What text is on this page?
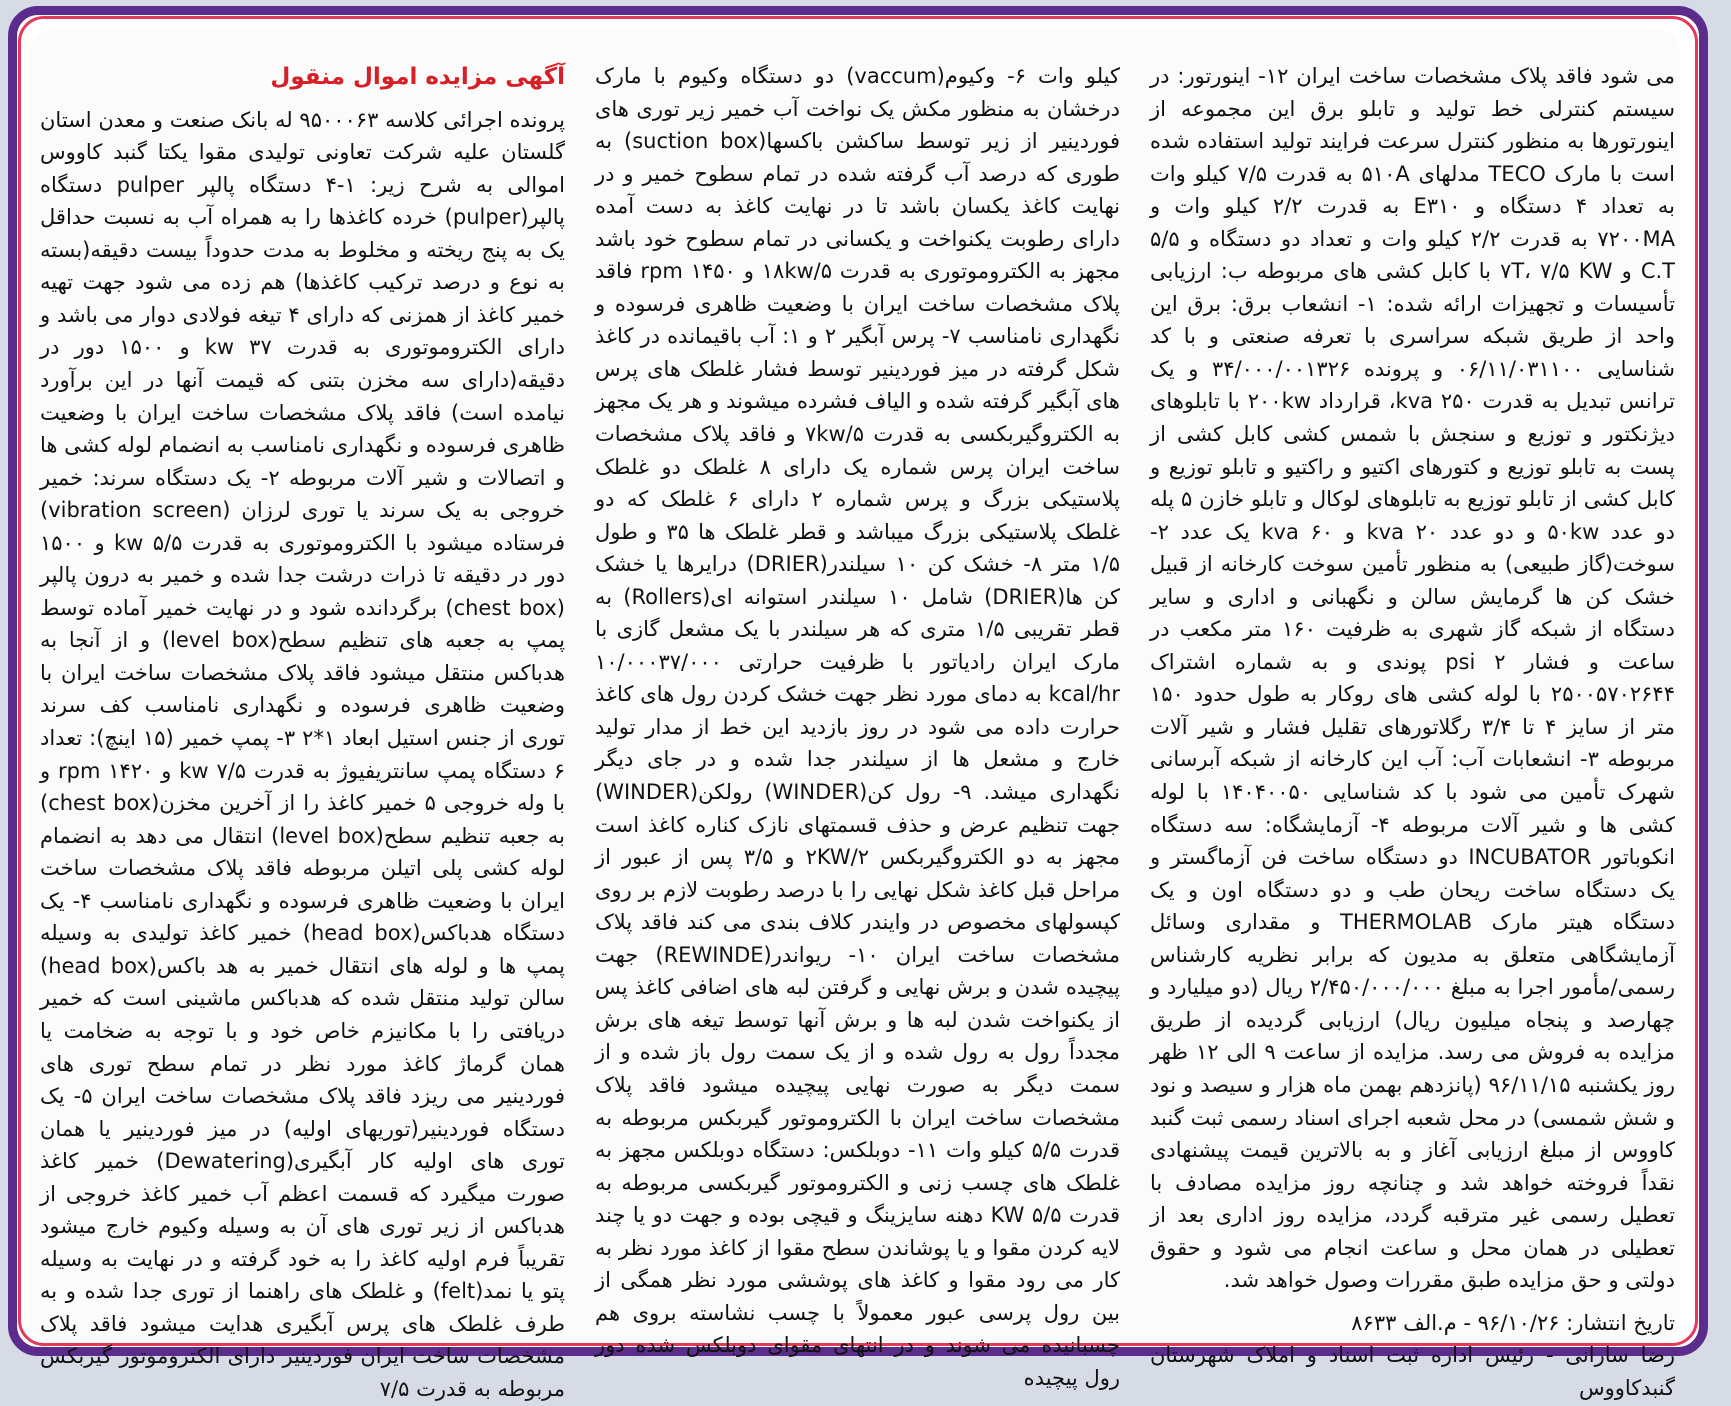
آگهی مزایده اموال منقول

پرونده اجرائی کلاسه ۹۵۰۰۰۶۳ له بانک صنعت و معدن استان گلستان علیه شرکت تعاونی تولیدی مقوا یکتا گنبد کاووس اموالی به شرح زیر: ۱-۴ دستگاه پالپر pulper دستگاه پالپر(pulper) خرده کاغذها را به همراه آب به نسبت حداقل یک به پنج ریخته و مخلوط به مدت حدوداً بیست دقیقه(بسته به نوع و درصد ترکیب کاغذها) هم زده می شود جهت تهیه خمیر کاغذ از همزنی که دارای ۴ تیغه فولادی دوار می باشد و دارای الکتروموتوری به قدرت ۳۷ kw و ۱۵۰۰ دور در دقیقه(دارای سه مخزن بتنی که قیمت آنها در این برآورد نیامده است) فاقد پلاک مشخصات ساخت ایران با وضعیت ظاهری فرسوده و نگهداری نامناسب به انضمام لوله کشی ها و اتصالات و شیر آلات مربوطه ۲- یک دستگاه سرند: خمیر خروجی به یک سرند یا توری لرزان (vibration screen) فرستاده میشود با الکتروموتوری به قدرت ۵/۵ kw و ۱۵۰۰ دور در دقیقه تا ذرات درشت جدا شده و خمیر به درون پالپر (chest box) برگردانده شود و در نهایت خمیر آماده توسط پمپ به جعبه های تنظیم سطح(level box) و از آنجا به هدباکس منتقل میشود فاقد پلاک مشخصات ساخت ایران با وضعیت ظاهری فرسوده و نگهداری نامناسب کف سرند توری از جنس استیل ابعاد ۱*۲ ۳- پمپ خمیر (۱۵ اینچ): تعداد ۶ دستگاه پمپ سانتریفیوژ به قدرت ۷/۵ kw و ۱۴۲۰ rpm و با وله خروجی ۵ خمیر کاغذ را از آخرین مخزن(chest box) به جعبه تنظیم سطح(level box) انتقال می دهد به انضمام لوله کشی پلی اتیلن مربوطه فاقد پلاک مشخصات ساخت ایران با وضعیت ظاهری فرسوده و نگهداری نامناسب ۴- یک دستگاه هدباکس(head box) خمیر کاغذ تولیدی به وسیله پمپ ها و لوله های انتقال خمیر به هد باکس(head box) سالن تولید منتقل شده که هدباکس ماشینی است که خمیر دریافتی را با مکانیزم خاص خود و با توجه به ضخامت یا همان گرماژ کاغذ مورد نظر در تمام سطح توری های فوردینیر می ریزد فاقد پلاک مشخصات ساخت ایران ۵- یک دستگاه فوردینیر(توریهای اولیه) در میز فوردینیر یا همان توری های اولیه کار آبگیری(Dewatering) خمیر کاغذ صورت میگیرد که قسمت اعظم آب خمیر کاغذ خروجی از هدباکس از زیر توری های آن به وسیله وکیوم خارج میشود تقریباً فرم اولیه کاغذ را به خود گرفته و در نهایت به وسیله پتو یا نمد(felt) و غلطک های راهنما از توری جدا شده و به طرف غلطک های پرس آبگیری هدایت میشود فاقد پلاک مشخصات ساخت ایران فوردینیر دارای الکتروموتور گیربکس مربوطه به قدرت ۷/۵

کیلو وات ۶- وکیوم(vaccum) دو دستگاه وکیوم با مارک درخشان به منظور مکش یک نواخت آب خمیر زیر توری های فوردینیر از زیر توسط ساکشن باکسها(suction box) به طوری که درصد آب گرفته شده در تمام سطوح خمیر و در نهایت کاغذ یکسان باشد تا در نهایت کاغذ به دست آمده دارای رطوبت یکنواخت و یکسانی در تمام سطوح خود باشد مجهز به الکتروموتوری به قدرت ۱۸kw/۵ و ۱۴۵۰ rpm فاقد پلاک مشخصات ساخت ایران با وضعیت ظاهری فرسوده و نگهداری نامناسب ۷- پرس آبگیر ۲ و ۱: آب باقیمانده در کاغذ شکل گرفته در میز فوردینیر توسط فشار غلطک های پرس های آبگیر گرفته شده و الیاف فشرده میشوند و هر یک مجهز به الکتروگیربکسی به قدرت ۷kw/۵ و فاقد پلاک مشخصات ساخت ایران پرس شماره یک دارای ۸ غلطک دو غلطک پلاستیکی بزرگ و پرس شماره ۲ دارای ۶ غلطک که دو غلطک پلاستیکی بزرگ میباشد و قطر غلطک ها ۳۵ و طول ۱/۵ متر ۸- خشک کن ۱۰ سیلندر(DRIER) درایرها یا خشک کن ها(DRIER) شامل ۱۰ سیلندر استوانه ای(Rollers) به قطر تقریبی ۱/۵ متری که هر سیلندر با یک مشعل گازی با مارک ایران رادیاتور با ظرفیت حرارتی ۱۰/۰۰۰۳۷/۰۰۰ kcal/hr به دمای مورد نظر جهت خشک کردن رول های کاغذ حرارت داده می شود در روز بازدید این خط از مدار تولید خارج و مشعل ها از سیلندر جدا شده و در جای دیگر نگهداری میشد. ۹- رول کن(WINDER) رولکن(WINDER) جهت تنظیم عرض و حذف قسمتهای نازک کناره کاغذ است مجهز به دو الکتروگیربکس ۲KW/۲ و ۳/۵ پس از عبور از مراحل قبل کاغذ شکل نهایی را با درصد رطوبت لازم بر روی کپسولهای مخصوص در وایندر کلاف بندی می کند فاقد پلاک مشخصات ساخت ایران ۱۰- ریواندر(REWINDE) جهت پیچیده شدن و برش نهایی و گرفتن لبه های اضافی کاغذ پس از یکنواخت شدن لبه ها و برش آنها توسط تیغه های برش مجدداً رول به رول شده و از یک سمت رول باز شده و از سمت دیگر به صورت نهایی پیچیده میشود فاقد پلاک مشخصات ساخت ایران با الکتروموتور گیربکس مربوطه به قدرت ۵/۵ کیلو وات ۱۱- دوبلکس: دستگاه دوبلکس مجهز به غلطک های چسب زنی و الکتروموتور گیربکسی مربوطه به قدرت ۵/۵ KW دهنه سایزینگ و قیچی بوده و جهت دو یا چند لایه کردن مقوا و یا پوشاندن سطح مقوا از کاغذ مورد نظر به کار می رود مقوا و کاغذ های پوششی مورد نظر همگی از بین رول پرسی عبور معمولاً با چسب نشاسته بروی هم چسبانیده می شوند و در انتهای مقوای دوبلکس شده دور رول پیچیده

می شود فاقد پلاک مشخصات ساخت ایران ۱۲- اینورتور: در سیستم کنترلی خط تولید و تابلو برق این مجموعه از اینورتورها به منظور کنترل سرعت فرایند تولید استفاده شده است با مارک TECO مدلهای ۵۱۰A به قدرت ۷/۵ کیلو وات به تعداد ۴ دستگاه و E۳۱۰ به قدرت ۲/۲ کیلو وات و ۷۲۰۰MA به قدرت ۲/۲ کیلو وات و تعداد دو دستگاه و ۵/۵ C.T و ۷T، ۷/۵ KW با کابل کشی های مربوطه ب: ارزیابی تأسیسات و تجهیزات ارائه شده: ۱- انشعاب برق: برق این واحد از طریق شبکه سراسری با تعرفه صنعتی و با کد شناسایی ۰۶/۱۱/۰۳۱۱۰۰ و پرونده ۳۴/۰۰۰/۰۰۱۳۲۶ و یک ترانس تبدیل به قدرت ۲۵۰ kva، قرارداد ۲۰۰kw با تابلوهای دیژنکتور و توزیع و سنجش با شمس کشی کابل کشی از پست به تابلو توزیع و کتورهای اکتیو و راکتیو و تابلو توزیع و کابل کشی از تابلو توزیع به تابلوهای لوکال و تابلو خازن ۵ پله دو عدد ۵۰kw و دو عدد ۲۰ kva و ۶۰ kva یک عدد ۲- سوخت(گاز طبیعی) به منظور تأمین سوخت کارخانه از قبیل خشک کن ها گرمایش سالن و نگهبانی و اداری و سایر دستگاه از شبکه گاز شهری به ظرفیت ۱۶۰ متر مکعب در ساعت و فشار ۲ psi پوندی و به شماره اشتراک ۲۵۰۰۵۷۰۲۶۴۴ با لوله کشی های روکار به طول حدود ۱۵۰ متر از سایز ۴ تا ۳/۴ رگلاتورهای تقلیل فشار و شیر آلات مربوطه ۳- انشعابات آب: آب این کارخانه از شبکه آبرسانی شهرک تأمین می شود با کد شناسایی ۱۴۰۴۰۰۵۰ با لوله کشی ها و شیر آلات مربوطه ۴- آزمایشگاه: سه دستگاه انکوباتور INCUBATOR دو دستگاه ساخت فن آزماگستر و یک دستگاه ساخت ریحان طب و دو دستگاه اون و یک دستگاه هیتر مارک THERMOLAB و مقداری وسائل آزمایشگاهی متعلق به مدیون که برابر نظریه کارشناس رسمی/مأمور اجرا به مبلغ ۲/۴۵۰/۰۰۰/۰۰۰ ریال (دو میلیارد و چهارصد و پنجاه میلیون ریال) ارزیابی گردیده از طریق مزایده به فروش می رسد. مزایده از ساعت ۹ الی ۱۲ ظهر روز یکشنبه ۹۶/۱۱/۱۵ (پانزدهم بهمن ماه هزار و سیصد و نود و شش شمسی) در محل شعبه اجرای اسناد رسمی ثبت گنبد کاووس از مبلغ ارزیابی آغاز و به بالاترین قیمت پیشنهادی نقداً فروخته خواهد شد و چنانچه روز مزایده مصادف با تعطیل رسمی غیر مترقبه گردد، مزایده روز اداری بعد از تعطیلی در همان محل و ساعت انجام می شود و حقوق دولتی و حق مزایده طبق مقررات وصول خواهد شد.

تاریخ انتشار: ۹۶/۱۰/۲۶ - م.الف ۸۶۳۳

رضا سارانی - رئیس اداره ثبت اسناد و املاک شهرستان گنبدکاووس
